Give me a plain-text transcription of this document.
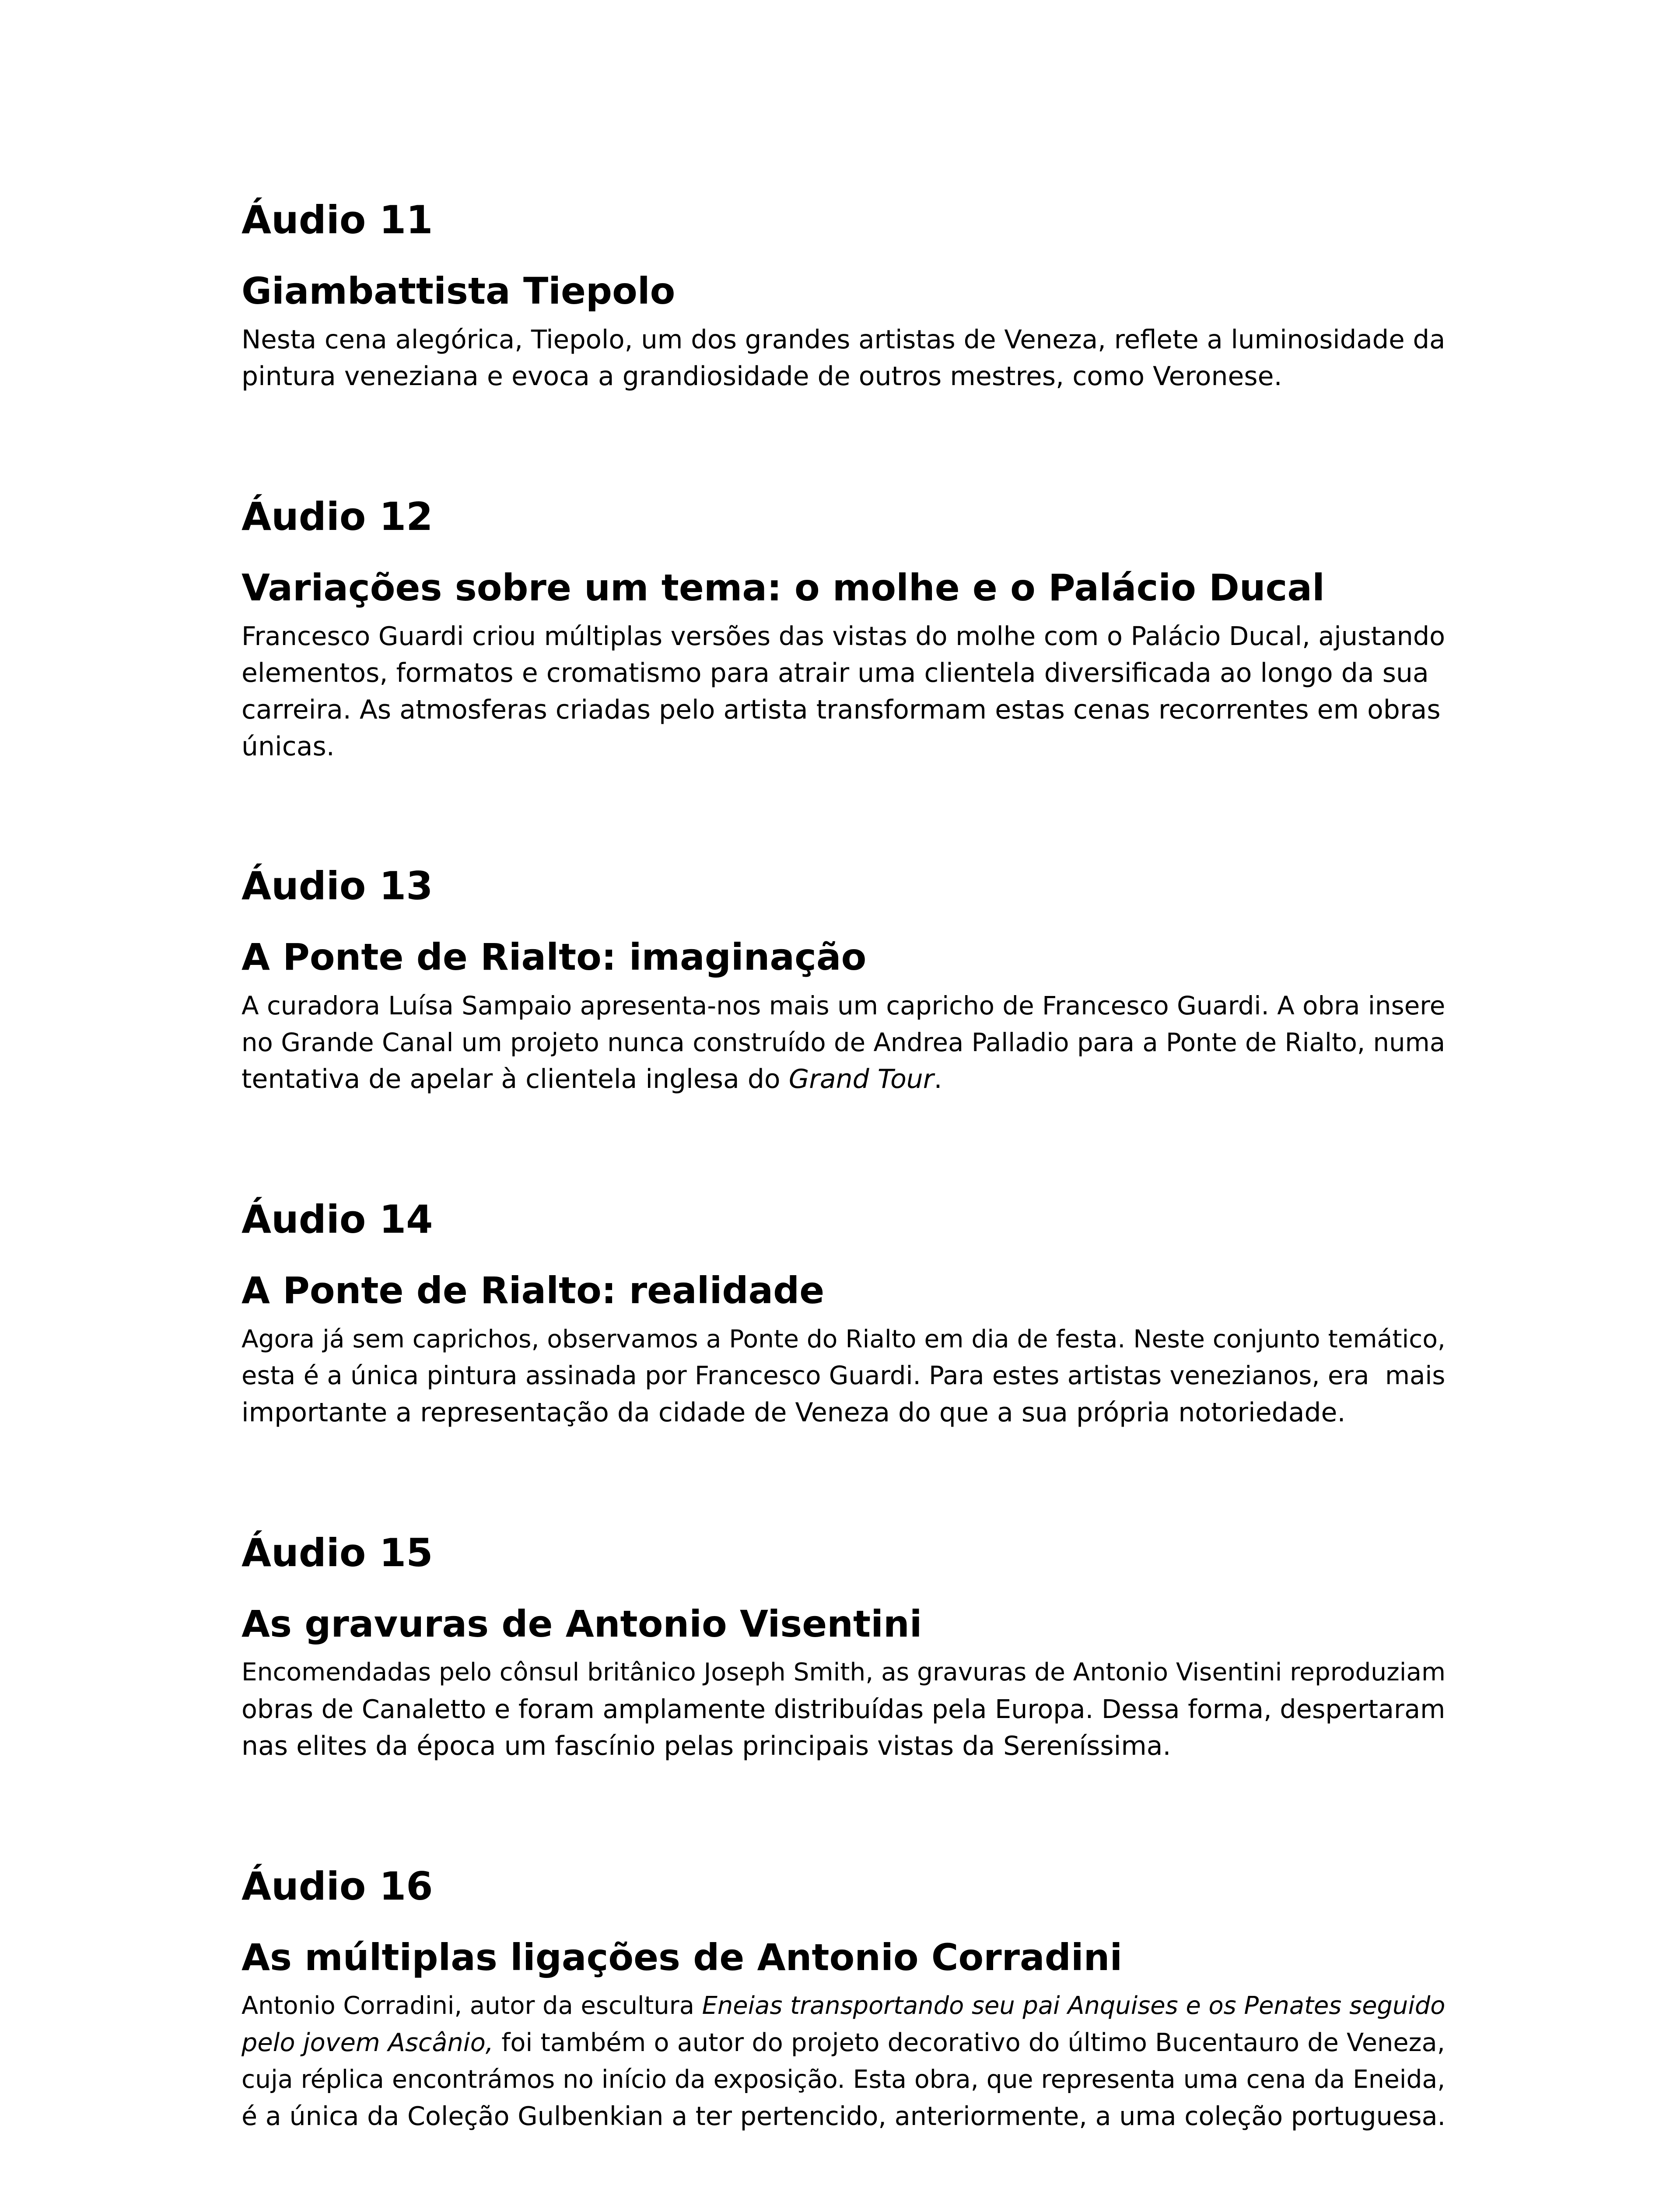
Áudio 11
Giambattista Tiepolo

Nesta cena alegórica, Tiepolo, um dos grandes artistas de Veneza, reflete a luminosidade da
pintura veneziana e evoca a grandiosidade de outros mestres, como Veronese.

Áudio 12
Variações sobre um tema: o molhe e o Palácio Ducal

Francesco Guardi criou múltiplas versões das vistas do molhe com o Palácio Ducal, ajustando
elementos, formatos e cromatismo para atrair uma clientela diversificada ao longo da sua
carreira. As atmosferas criadas pelo artista transformam estas cenas recorrentes em obras
únicas.

Áudio 13
A Ponte de Rialto: imaginação

A curadora Luísa Sampaio apresenta-nos mais um capricho de Francesco Guardi. A obra insere
no Grande Canal um projeto nunca construído de Andrea Palladio para a Ponte de Rialto, numa
tentativa de apelar à clientela inglesa do Grand Tour.

Áudio 14
A Ponte de Rialto: realidade

Agora já sem caprichos, observamos a Ponte do Rialto em dia de festa. Neste conjunto temático,
esta é a única pintura assinada por Francesco Guardi. Para estes artistas venezianos, era  mais
importante a representação da cidade de Veneza do que a sua própria notoriedade.

Áudio 15
As gravuras de Antonio Visentini

Encomendadas pelo cônsul britânico Joseph Smith, as gravuras de Antonio Visentini reproduziam
obras de Canaletto e foram amplamente distribuídas pela Europa. Dessa forma, despertaram
nas elites da época um fascínio pelas principais vistas da Sereníssima.

Áudio 16
As múltiplas ligações de Antonio Corradini

Antonio Corradini, autor da escultura Eneias transportando seu pai Anquises e os Penates seguido
pelo jovem Ascânio, foi também o autor do projeto decorativo do último Bucentauro de Veneza,
cuja réplica encontrámos no início da exposição. Esta obra, que representa uma cena da Eneida,
é a única da Coleção Gulbenkian a ter pertencido, anteriormente, a uma coleção portuguesa.
